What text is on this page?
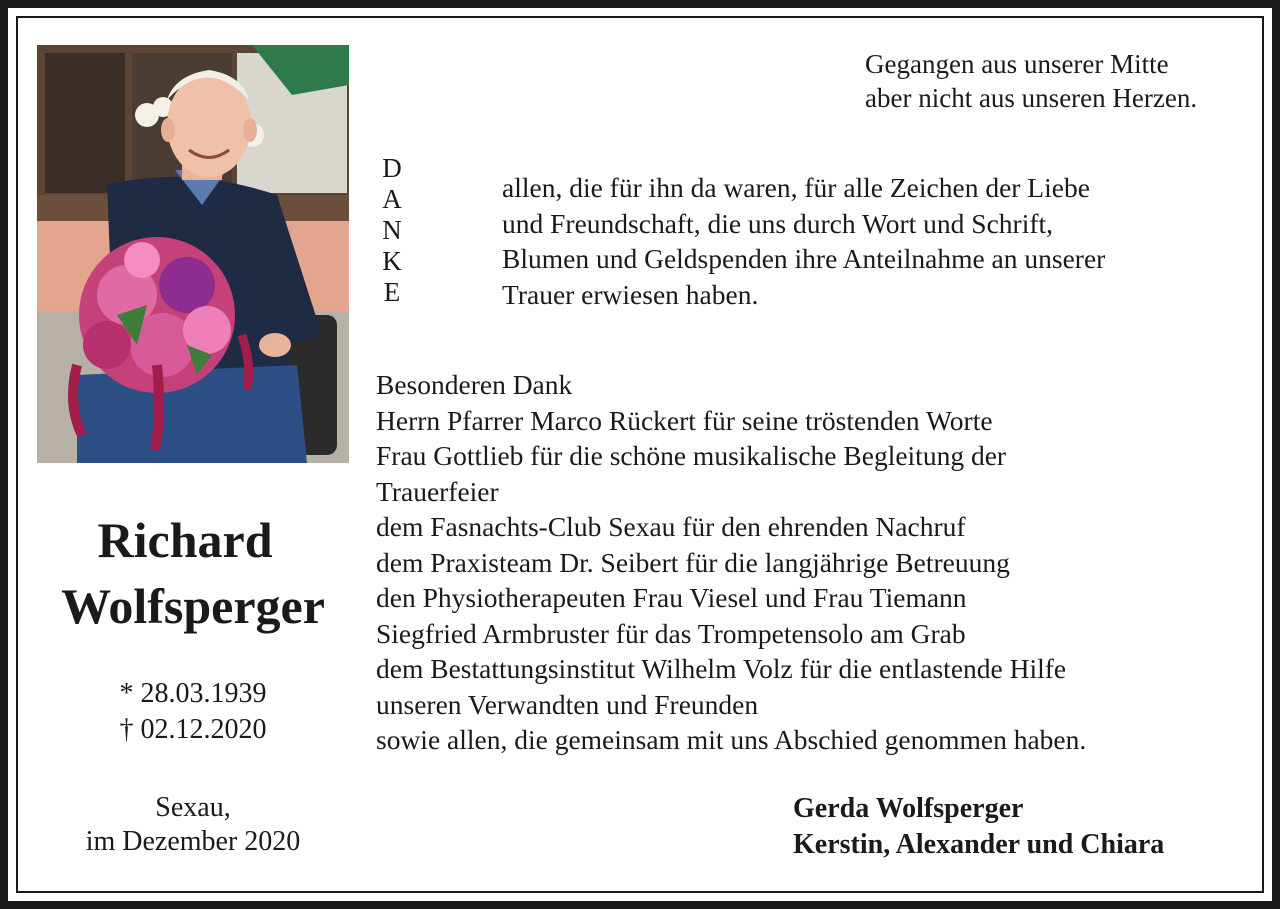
Gegangen aus unserer Mitte
aber nicht aus unseren Herzen.
D
A
N
K
E
allen, die für ihn da waren, für alle Zeichen der Liebe
und Freundschaft, die uns durch Wort und Schrift,
Blumen und Geldspenden ihre Anteilnahme an unserer
Trauer erwiesen haben.
Besonderen Dank
Herrn Pfarrer Marco Rückert für seine tröstenden Worte
Frau Gottlieb für die schöne musikalische Begleitung der
Trauerfeier
dem Fasnachts-Club Sexau für den ehrenden Nachruf
dem Praxisteam Dr. Seibert für die langjährige Betreuung
den Physiotherapeuten Frau Viesel und Frau Tiemann
Siegfried Armbruster für das Trompetensolo am Grab
dem Bestattungsinstitut Wilhelm Volz für die entlastende Hilfe
unseren Verwandten und Freunden
sowie allen, die gemeinsam mit uns Abschied genommen haben.
Richard
Wolfsperger
* 28.03.1939
† 02.12.2020
Sexau,
im Dezember 2020
Gerda Wolfsperger
Kerstin, Alexander und Chiara
